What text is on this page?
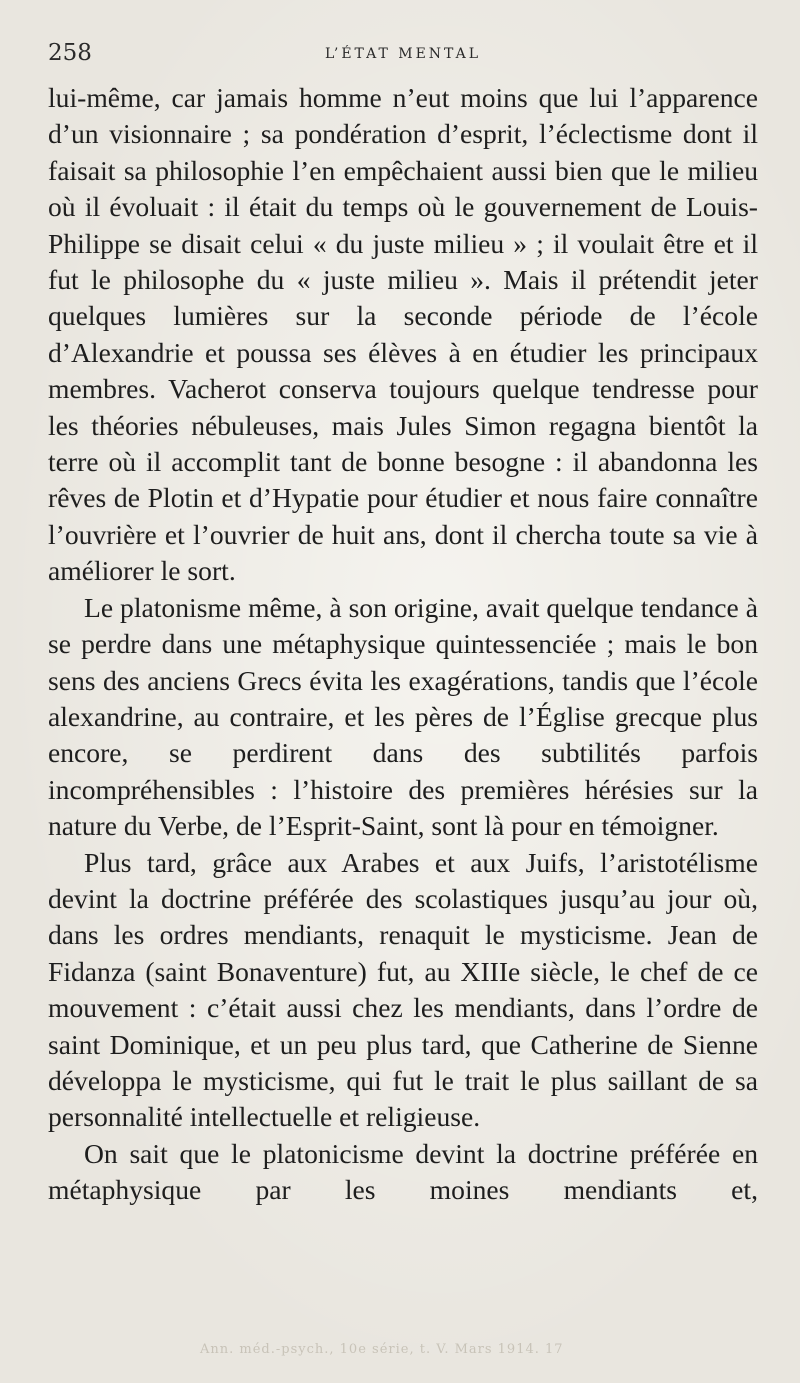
258	L’ÉTAT MENTAL

lui-même, car jamais homme n’eut moins que lui l’apparence d’un visionnaire ; sa pondération d’esprit, l’éclectisme dont il faisait sa philosophie l’en empêchaient aussi bien que le milieu où il évoluait : il était du temps où le gouvernement de Louis-Philippe se disait celui « du juste milieu » ; il voulait être et il fut le philosophe du « juste milieu ». Mais il prétendit jeter quelques lumières sur la seconde période de l’école d’Alexandrie et poussa ses élèves à en étudier les principaux membres. Vacherot conserva toujours quelque tendresse pour les théories nébuleuses, mais Jules Simon regagna bientôt la terre où il accomplit tant de bonne besogne : il abandonna les rêves de Plotin et d’Hypatie pour étudier et nous faire connaître l’ouvrière et l’ouvrier de huit ans, dont il chercha toute sa vie à améliorer le sort.

Le platonisme même, à son origine, avait quelque tendance à se perdre dans une métaphysique quintessenciée ; mais le bon sens des anciens Grecs évita les exagérations, tandis que l’école alexandrine, au contraire, et les pères de l’Église grecque plus encore, se perdirent dans des subtilités parfois incompréhensibles : l’histoire des premières hérésies sur la nature du Verbe, de l’Esprit-Saint, sont là pour en témoigner.

Plus tard, grâce aux Arabes et aux Juifs, l’aristotélisme devint la doctrine préférée des scolastiques jusqu’au jour où, dans les ordres mendiants, renaquit le mysticisme. Jean de Fidanza (saint Bonaventure) fut, au XIIIe siècle, le chef de ce mouvement : c’était aussi chez les mendiants, dans l’ordre de saint Dominique, et un peu plus tard, que Catherine de Sienne développa le mysticisme, qui fut le trait le plus saillant de sa personnalité intellectuelle et religieuse.

On sait que le platonicisme devint la doctrine préférée en métaphysique par les moines mendiants et,

Ann. méd.-psych., 10e série, t. V. Mars 1914. 17
